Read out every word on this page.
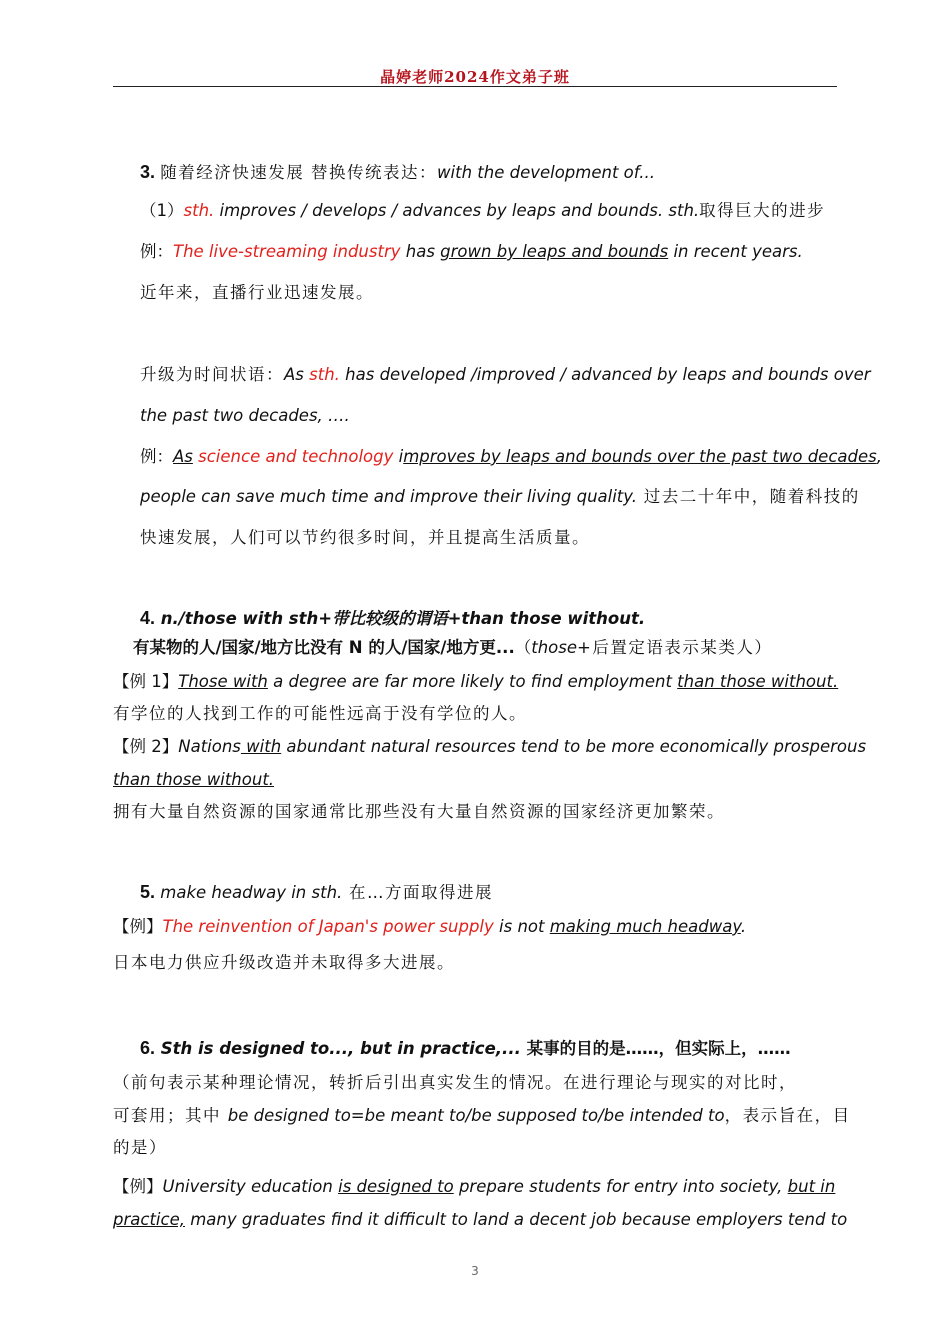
晶婷老师2024作文弟子班
3. 随着经济快速发展 替换传统表达：with the development of...
（1）sth. improves / develops / advances by leaps and bounds. sth.取得巨大的进步
例：The live-streaming industry has grown by leaps and bounds in recent years.
近年来，直播行业迅速发展。
升级为时间状语：As sth. has developed /improved / advanced by leaps and bounds over
the past two decades, ….
例：As science and technology improves by leaps and bounds over the past two decades,
people can save much time and improve their living quality. 过去二十年中，随着科技的
快速发展，人们可以节约很多时间，并且提高生活质量。
4. n./those with sth+带比较级的谓语+than those without.
有某物的人/国家/地方比没有 N 的人/国家/地方更...（those+后置定语表示某类人）
【例 1】Those with a degree are far more likely to find employment than those without.
有学位的人找到工作的可能性远高于没有学位的人。
【例 2】Nations with abundant natural resources tend to be more economically prosperous
than those without.
拥有大量自然资源的国家通常比那些没有大量自然资源的国家经济更加繁荣。
5. make headway in sth. 在…方面取得进展
【例】The reinvention of Japan's power supply is not making much headway.
日本电力供应升级改造并未取得多大进展。
6. Sth is designed to..., but in practice,... 某事的目的是……，但实际上，……
（前句表示某种理论情况，转折后引出真实发生的情况。在进行理论与现实的对比时，
可套用；其中 be designed to=be meant to/be supposed to/be intended to，表示旨在，目
的是）
【例】University education is designed to prepare students for entry into society, but in
practice, many graduates find it difficult to land a decent job because employers tend to
3
